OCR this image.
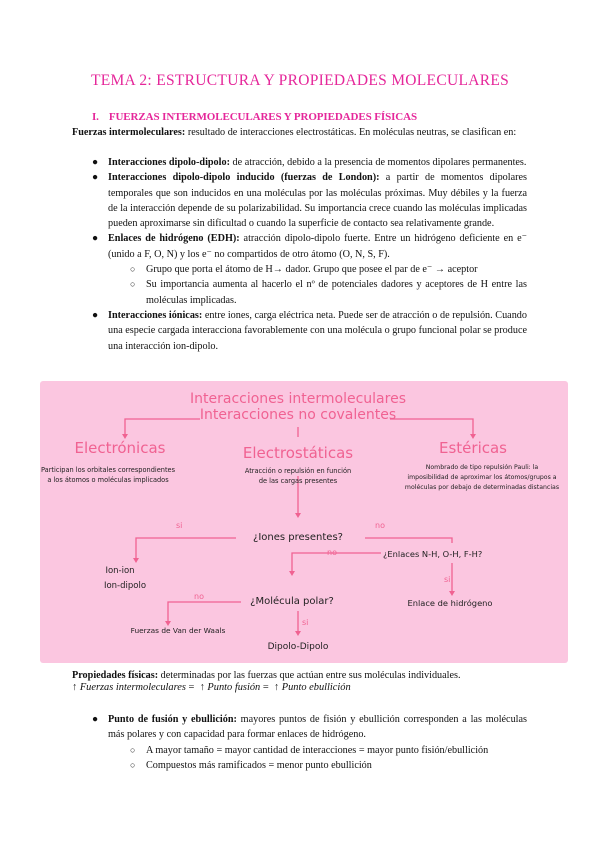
TEMA 2: ESTRUCTURA Y PROPIEDADES MOLECULARES
I. FUERZAS INTERMOLECULARES Y PROPIEDADES FÍSICAS
Fuerzas intermoleculares: resultado de interacciones electrostáticas. En moléculas neutras, se clasifican en:
● Interacciones dipolo-dipolo: de atracción, debido a la presencia de momentos dipolares permanentes.
● Interacciones dipolo-dipolo inducido (fuerzas de London): a partir de momentos dipolares temporales que son inducidos en una moléculas por las moléculas próximas. Muy débiles y la fuerza de la interacción depende de su polarizabilidad. Su importancia crece cuando las moléculas implicadas pueden aproximarse sin dificultad o cuando la superficie de contacto sea relativamente grande.
● Enlaces de hidrógeno (EDH): atracción dipolo-dipolo fuerte. Entre un hidrógeno deficiente en e⁻ (unido a F, O, N) y los e⁻ no compartidos de otro átomo (O, N, S, F).
○ Grupo que porta el átomo de H→ dador. Grupo que posee el par de e⁻ → aceptor
○ Su importancia aumenta al hacerlo el nº de potenciales dadores y aceptores de H entre las moléculas implicadas.
● Interacciones iónicas: entre iones, carga eléctrica neta. Puede ser de atracción o de repulsión. Cuando una especie cargada interacciona favorablemente con una molécula o grupo funcional polar se produce una interacción ion-dipolo.
Interacciones intermoleculares
Interacciones no covalentes
Electrónicas
Participan los orbitales correspondientes
a los átomos o moléculas implicados
Electrostáticas
Atracción o repulsión en función
de las cargas presentes
Estéricas
Nombrado de tipo repulsión Pauli: la
imposibilidad de aproximar los átomos/grupos a
moléculas por debajo de determinadas distancias
¿Iones presentes?
si	no
Ion-ion
Ion-dipolo
no	¿Enlaces N-H, O-H, F-H?
si
Enlace de hidrógeno
¿Molécula polar?
no
si
Fuerzas de Van der Waals
Dipolo-Dipolo
Propiedades físicas: determinadas por las fuerzas que actúan entre sus moléculas individuales.
↑ Fuerzas intermoleculares =  ↑ Punto fusión =  ↑ Punto ebullición
● Punto de fusión y ebullición: mayores puntos de fisión y ebullición corresponden a las moléculas más polares y con capacidad para formar enlaces de hidrógeno.
○ A mayor tamaño = mayor cantidad de interacciones = mayor punto fisión/ebullición
○ Compuestos más ramificados = menor punto ebullición
